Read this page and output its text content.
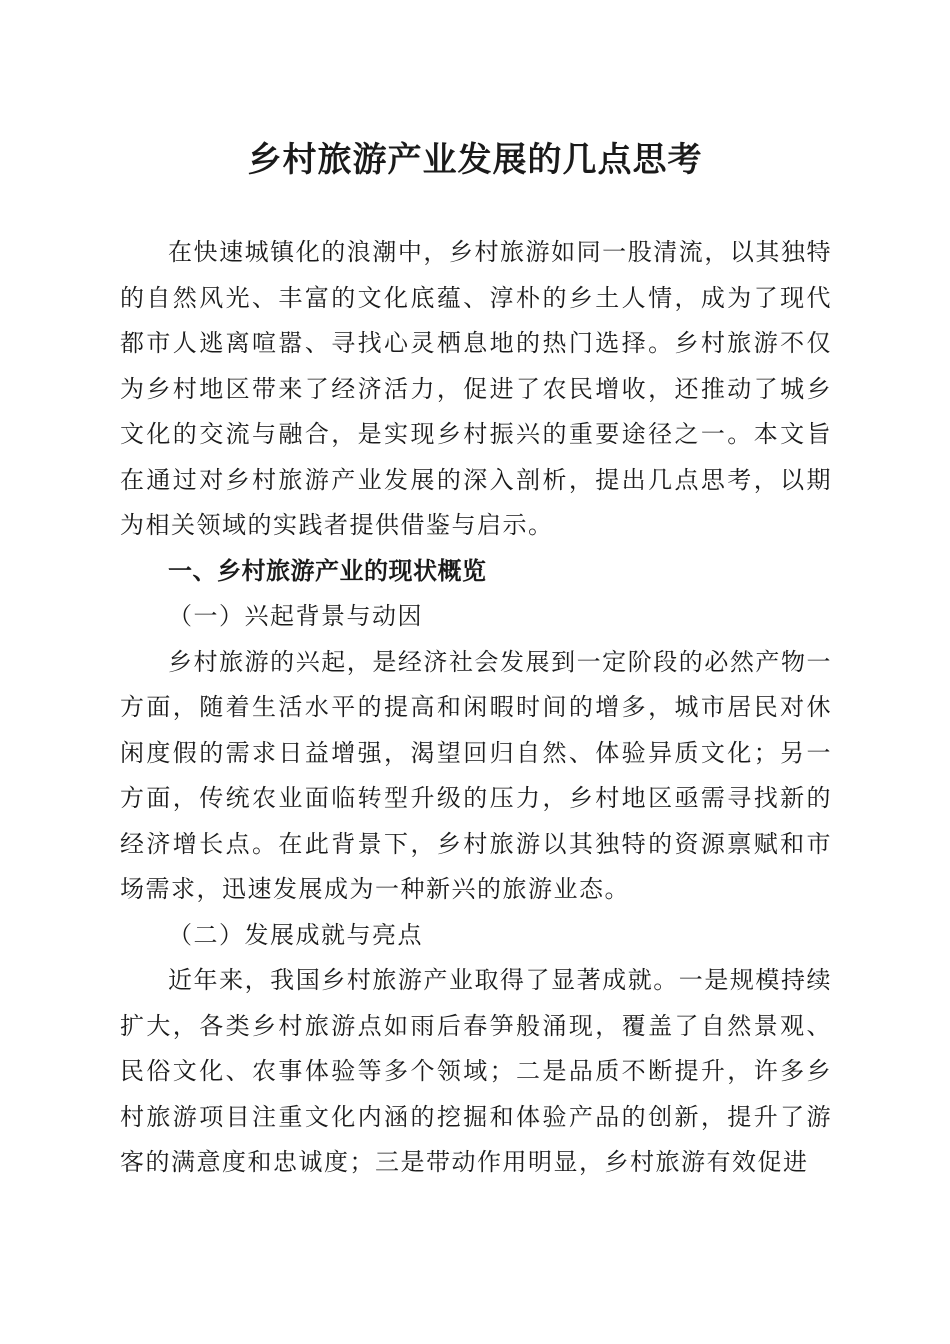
乡村旅游产业发展的几点思考

在快速城镇化的浪潮中，乡村旅游如同一股清流，以其独特的自然风光、丰富的文化底蕴、淳朴的乡土人情，成为了现代都市人逃离喧嚣、寻找心灵栖息地的热门选择。乡村旅游不仅为乡村地区带来了经济活力，促进了农民增收，还推动了城乡文化的交流与融合，是实现乡村振兴的重要途径之一。本文旨在通过对乡村旅游产业发展的深入剖析，提出几点思考，以期为相关领域的实践者提供借鉴与启示。

一、乡村旅游产业的现状概览

（一）兴起背景与动因

乡村旅游的兴起，是经济社会发展到一定阶段的必然产物一方面，随着生活水平的提高和闲暇时间的增多，城市居民对休闲度假的需求日益增强，渴望回归自然、体验异质文化；另一方面，传统农业面临转型升级的压力，乡村地区亟需寻找新的经济增长点。在此背景下，乡村旅游以其独特的资源禀赋和市场需求，迅速发展成为一种新兴的旅游业态。

（二）发展成就与亮点

近年来，我国乡村旅游产业取得了显著成就。一是规模持续扩大，各类乡村旅游点如雨后春笋般涌现，覆盖了自然景观、民俗文化、农事体验等多个领域；二是品质不断提升，许多乡村旅游项目注重文化内涵的挖掘和体验产品的创新，提升了游客的满意度和忠诚度；三是带动作用明显，乡村旅游有效促进
